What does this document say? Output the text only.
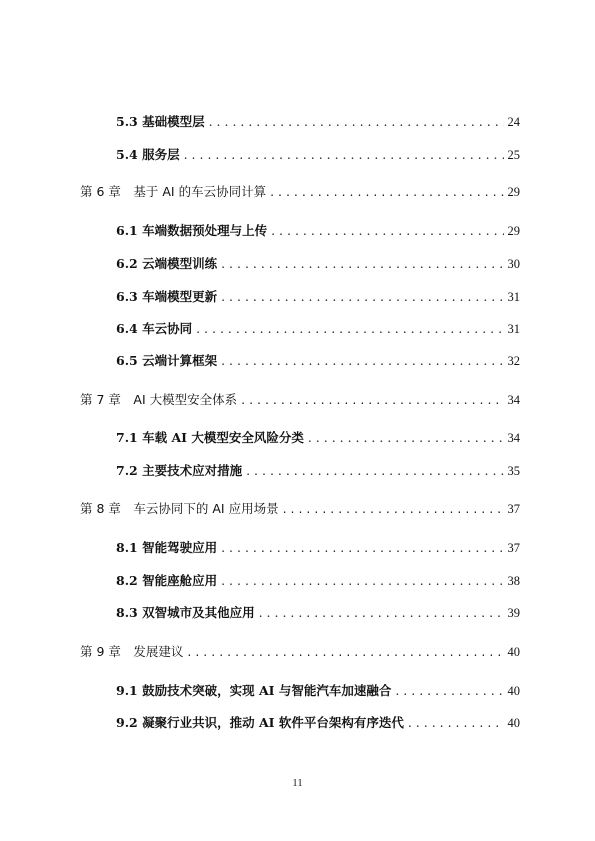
5.3 基础模型层 . . .	24
5.4 服务层 . . .	25
第 6 章　基于 AI 的车云协同计算 . . .	29
6.1 车端数据预处理与上传 . . .	29
6.2 云端模型训练 . . .	30
6.3 车端模型更新 . . .	31
6.4 车云协同 . . .	31
6.5 云端计算框架 . . .	32
第 7 章　AI 大模型安全体系 . . .	34
7.1 车载 AI 大模型安全风险分类 . . .	34
7.2 主要技术应对措施 . . .	35
第 8 章　车云协同下的 AI 应用场景 . . .	37
8.1 智能驾驶应用 . . .	37
8.2 智能座舱应用 . . .	38
8.3 双智城市及其他应用 . . .	39
第 9 章　发展建议 . . .	40
9.1 鼓励技术突破，实现 AI 与智能汽车加速融合 . . .	40
9.2 凝聚行业共识，推动 AI 软件平台架构有序迭代 . . .	40
11
